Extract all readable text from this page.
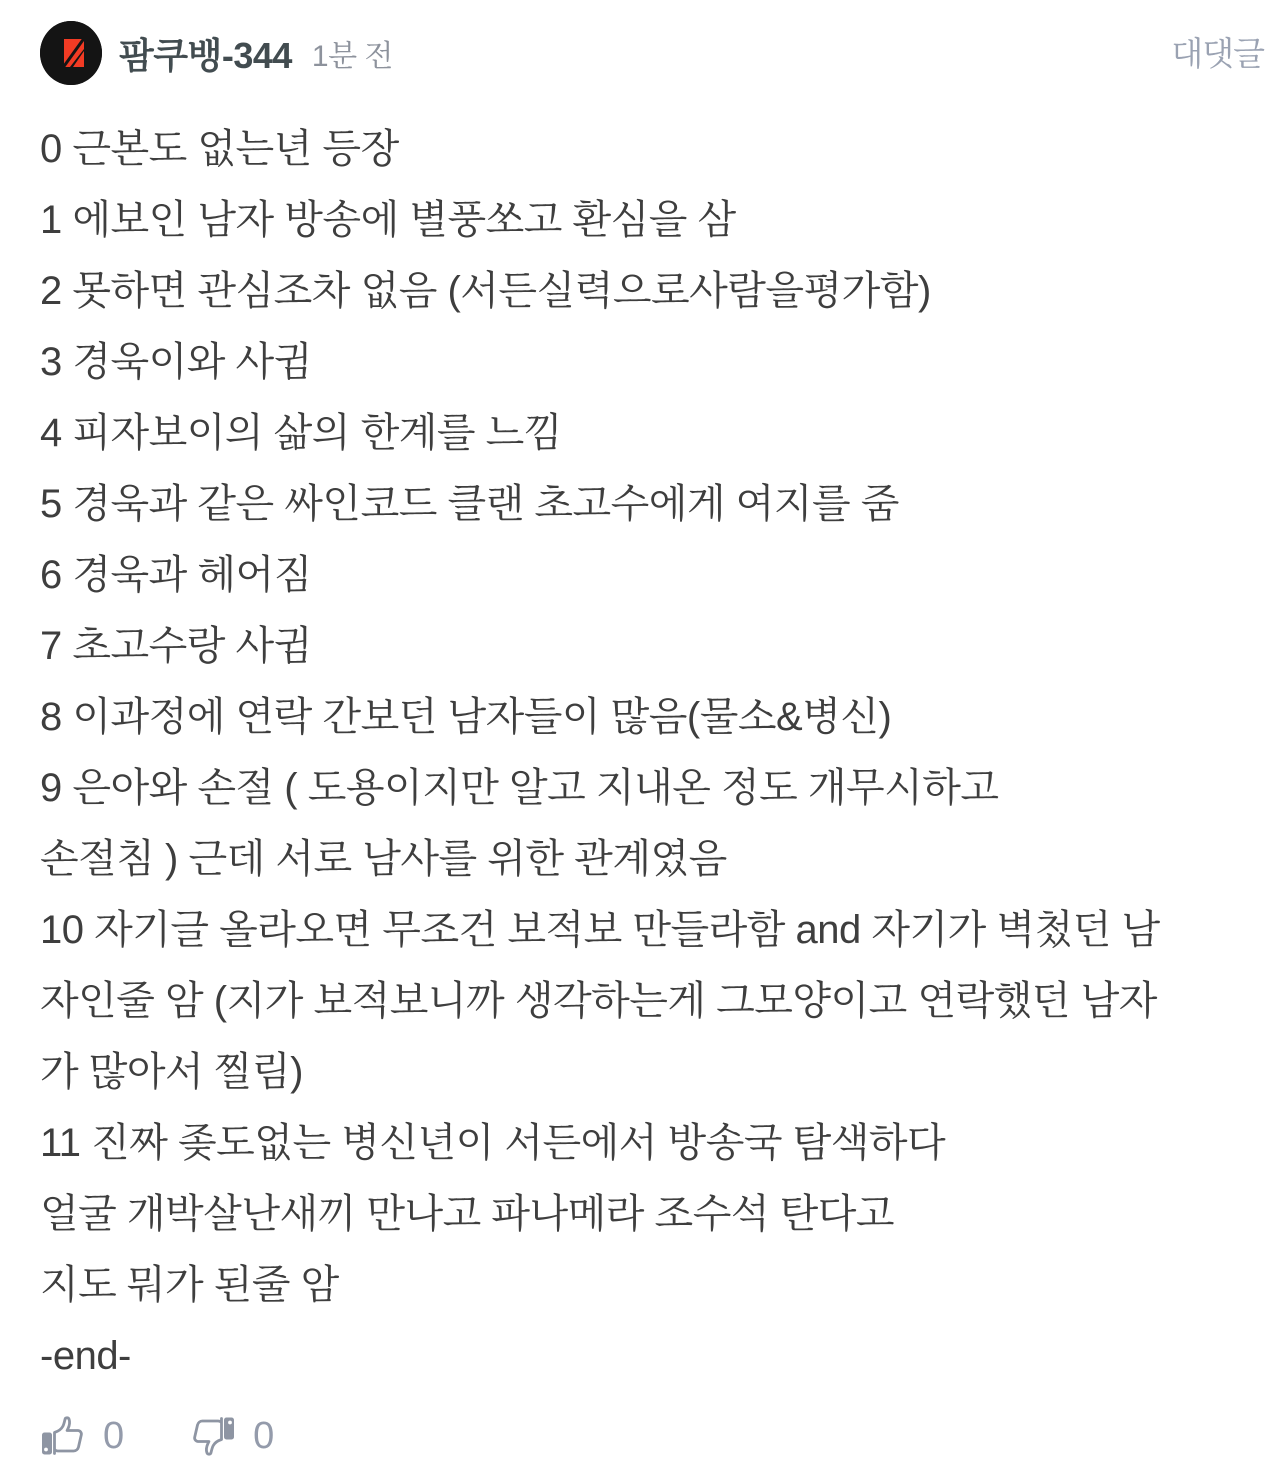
팜쿠뱅-344 1분 전	대댓글
0 근본도 없는년 등장
1 에보인 남자 방송에 별풍쏘고 환심을 삼
2 못하면 관심조차 없음 (서든실력으로사람을평가함)
3 경욱이와 사귐
4 피자보이의 삶의 한계를 느낌
5 경욱과 같은 싸인코드 클랜 초고수에게 여지를 줌
6 경욱과 헤어짐
7 초고수랑 사귐
8 이과정에 연락 간보던 남자들이 많음(물소&병신)
9 은아와 손절 ( 도용이지만 알고 지내온 정도 개무시하고
손절침 ) 근데 서로 남사를 위한 관계였음
10 자기글 올라오면 무조건 보적보 만들라함 and 자기가 벽첬던 남
자인줄 암 (지가 보적보니까 생각하는게 그모양이고 연락했던 남자
가 많아서 찔림)
11 진짜 좆도없는 병신년이 서든에서 방송국 탐색하다
얼굴 개박살난새끼 만나고 파나메라 조수석 탄다고
지도 뭐가 된줄 암
-end-
0	0
